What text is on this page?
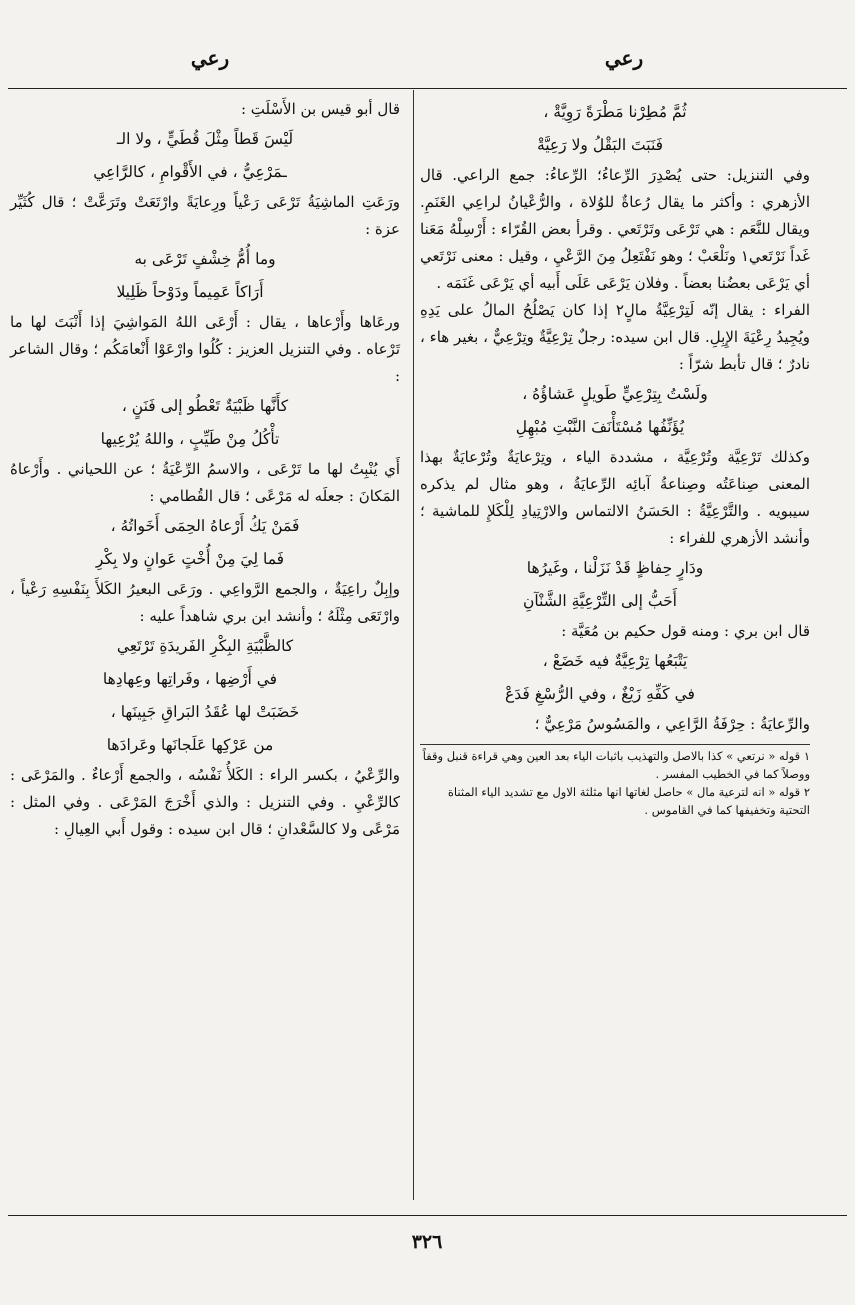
رعي
رعي
ثُمَّ مُطِرْنا مَطْرَةً رَوِيَّةْ ،
فَنَبَتَ البَقْلُ ولا رَعِيَّةْ

وفي التنزيل: حتى يُصْدِرَ الرِّعاءُ؛ الرِّعاءُ: جمع الراعي. قال الأزهري : وأكثر ما يقال رُعاةٌ للوُلاة ، والرُّعْيانُ لراعِي الغَنَمِ. ويقال للنَّعَم : هي تَرْعَى وتَرْتَعي . وقرأ بعض القُرّاء : أَرْسِلْهُ مَعَنا غَداً نَرْتَعي١ ونَلْعَبْ ؛ وهو نَفْتَعِلُ مِنَ الرَّعْيِ ، وقيل : معنى نَرْتَعي أي يَرْعَى بعضُنا بعضاً . وفلان يَرْعَى عَلَى أَبيه أي يَرْعَى غَنَمَه .

الفراء : يقال إنّه لَتِرْعِيَّةُ مالٍ٢ إذا كان يَصْلُحُ المالُ على يَدِهِ ويُجِيدُ رِعْيَةَ الإِبِلِ. قال ابن سيده: رجلٌ تِرْعِيَّةٌ وتِرْعِيٌّ ، بغير هاء ، نادرٌ ؛ قال تأبط شرّاً :

ولَسْتُ بِتِرْعِيٍّ طَويلٍ عَشاؤُهُ ،
يُؤَنِّفُها مُسْتَأْنَفَ النَّبْتِ مُبْهِلِ

وكذلك تَرْعِيَّة وتُرْعِيَّة ، مشددة الياء ، وتِرْعايَةٌ وتُرْعايَةٌ بهذا المعنى صِناعَتُه وصِناعةُ آبائِه الرِّعايَةُ ، وهو مثال لم يذكره سيبويه . والتَّرْعِيَّةُ : الحَسَنُ الالتماس والارْتِيادِ لِلْكَلإِ للماشية ؛ وأنشد الأزهري للفراء :

ودَارٍ حِفاظٍ قَدْ نَزَلْنا ، وغَيرُها
أَحَبُّ إلى التِّرْعِيَّةِ الشَّنْآنِ

قال ابن بري : ومنه قول حكيم بن مُعَيَّة :

يَتْبَعُها تِرْعِيَّةٌ فيه خَضَعْ ،
في كَفِّهِ زَيْغٌ ، وفي الرُّسْغِ فَدَعْ

والرِّعايَةُ : حِرْفَةُ الرَّاعِي ، والمَسُوسُ مَرْعِيٌّ ؛

١ قوله « نرتعي » كذا بالاصل والتهذيب باثبات الياء بعد العين وهي قراءة قنبل وقفاً ووصلاً كما في الخطيب المفسر .

٢ قوله « انه لترعية مال » حاصل لغاتها انها مثلثة الاول مع تشديد الياء المثناة التحتية وتخفيفها كما في القاموس .

قال أبو قيس بن الأَسْلَتِ :

لَيْسَ قَطاً مِثْلَ قُطَيٍّ ، ولا الـ
ـمَرْعِيُّ ، في الأَقْوامِ ، كالرَّاعِي

ورَعَتِ الماشِيَةُ تَرْعَى رَعْياً ورِعايَةً وارْتَعَتْ وتَرَعَّتْ ؛ قال كُثَيِّر عزة :

وما أُمُّ خِشْفٍ تَرْعَى به
أَرَاكاً عَمِيماً ودَوْحاً ظَلِيلا

ورعَاها وأَرْعاها ، يقال : أَرْعَى اللهُ المَواشِيَ إذا أَنْبَتَ لها ما تَرْعاه . وفي التنزيل العزيز : كُلُوا وارْعَوْا أَنْعامَكُم ؛ وقال الشاعر :

كأَنَّها ظَبْيَةٌ تَعْطُو إلى فَنَنٍ ،
تأْكُلُ مِنْ طَيِّبٍ ، واللهُ يُرْعِيها

أَي يُنْبِتُ لها ما تَرْعَى ، والاسمُ الرِّعْيَةُ ؛ عن اللحياني . وأَرْعاهُ المَكانَ : جعلَه له مَرْعًى ؛ قال القُطامي :

فَمَنْ يَكُ أَرْعاهُ الحِمَى أَخَواتُهُ ،
فَما لِيَ مِنْ أُخْتٍ عَوانٍ ولا بِكْرِ

وإبِلٌ راعِيَةٌ ، والجمع الرَّواعِي . ورَعَى البعيرُ الكَلأَ بِنَفْسِهِ رَعْياً ، وارْتَعَى مِثْلَهُ ؛ وأنشد ابن بري شاهداً عليه :

كالظَّبْيَةِ البِكْرِ الفَريدَةِ تَرْتَعِي
في أَرْضِها ، وفَراتِها وعِهادِها
خَضَبَتْ لها عُقَدُ البَراقِ جَبِينَها ،
من عَرْكِها عَلَجانَها وعَرادَها

والرِّعْيُ ، بكسر الراء : الكَلأُ نَفْسُه ، والجمع أَرْعاءٌ . والمَرْعَى : كالرِّعْيِ . وفي التنزيل : والذي أَخْرَجَ المَرْعَى . وفي المثل : مَرْعًى ولا كالسَّعْدانِ ؛ قال ابن سيده : وقول أَبي العِيالِ :

٣٢٦
